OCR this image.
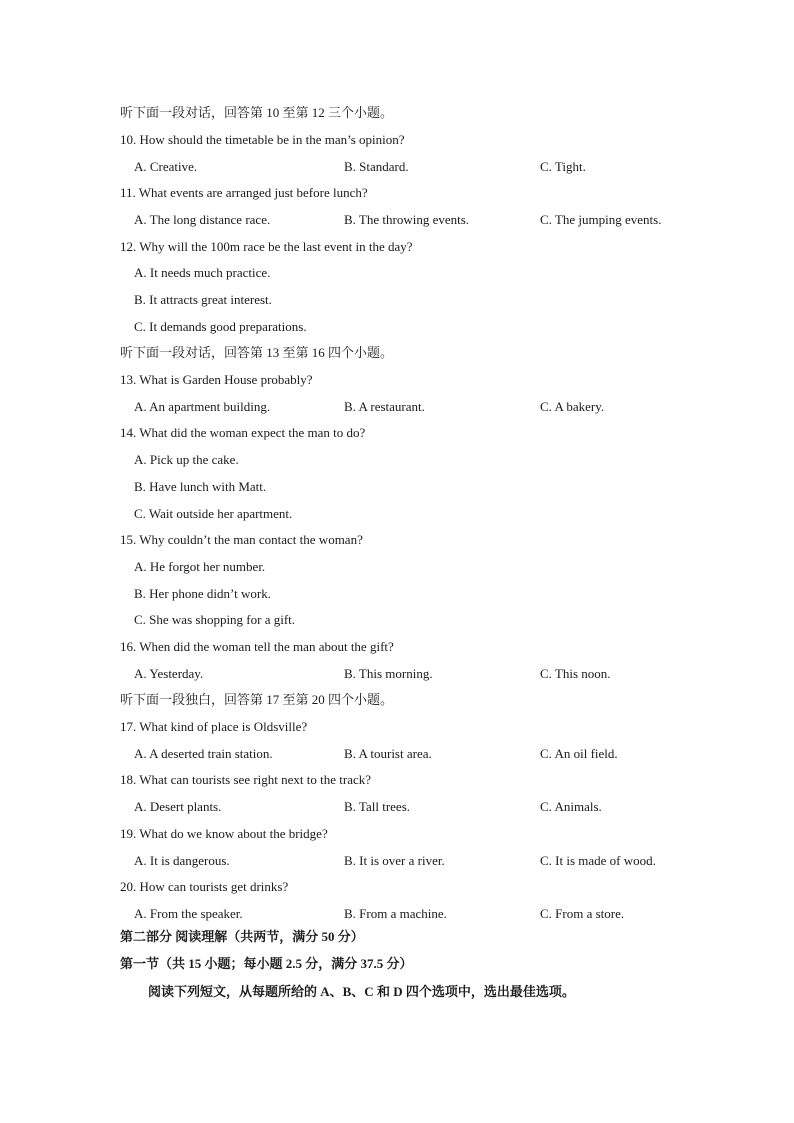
听下面一段对话，回答第 10 至第 12 三个小题。
10. How should the timetable be in the man’s opinion?
A. Creative.	B. Standard.	C. Tight.
11. What events are arranged just before lunch?
A. The long distance race.	B. The throwing events.	C. The jumping events.
12. Why will the 100m race be the last event in the day?
A. It needs much practice.
B. It attracts great interest.
C. It demands good preparations.
听下面一段对话，回答第 13 至第 16 四个小题。
13. What is Garden House probably?
A. An apartment building.	B. A restaurant.	C. A bakery.
14. What did the woman expect the man to do?
A. Pick up the cake.
B. Have lunch with Matt.
C. Wait outside her apartment.
15. Why couldn’t the man contact the woman?
A. He forgot her number.
B. Her phone didn’t work.
C. She was shopping for a gift.
16. When did the woman tell the man about the gift?
A. Yesterday.	B. This morning.	C. This noon.
听下面一段独白，回答第 17 至第 20 四个小题。
17. What kind of place is Oldsville?
A. A deserted train station.	B. A tourist area.	C. An oil field.
18. What can tourists see right next to the track?
A. Desert plants.	B. Tall trees.	C. Animals.
19. What do we know about the bridge?
A. It is dangerous.	B. It is over a river.	C. It is made of wood.
20. How can tourists get drinks?
A. From the speaker.	B. From a machine.	C. From a store.
第二部分 阅读理解（共两节，满分 50 分）
第一节（共 15 小题；每小题 2.5 分，满分 37.5 分）
阅读下列短文，从每题所给的 A、B、C 和 D 四个选项中，选出最佳选项。
